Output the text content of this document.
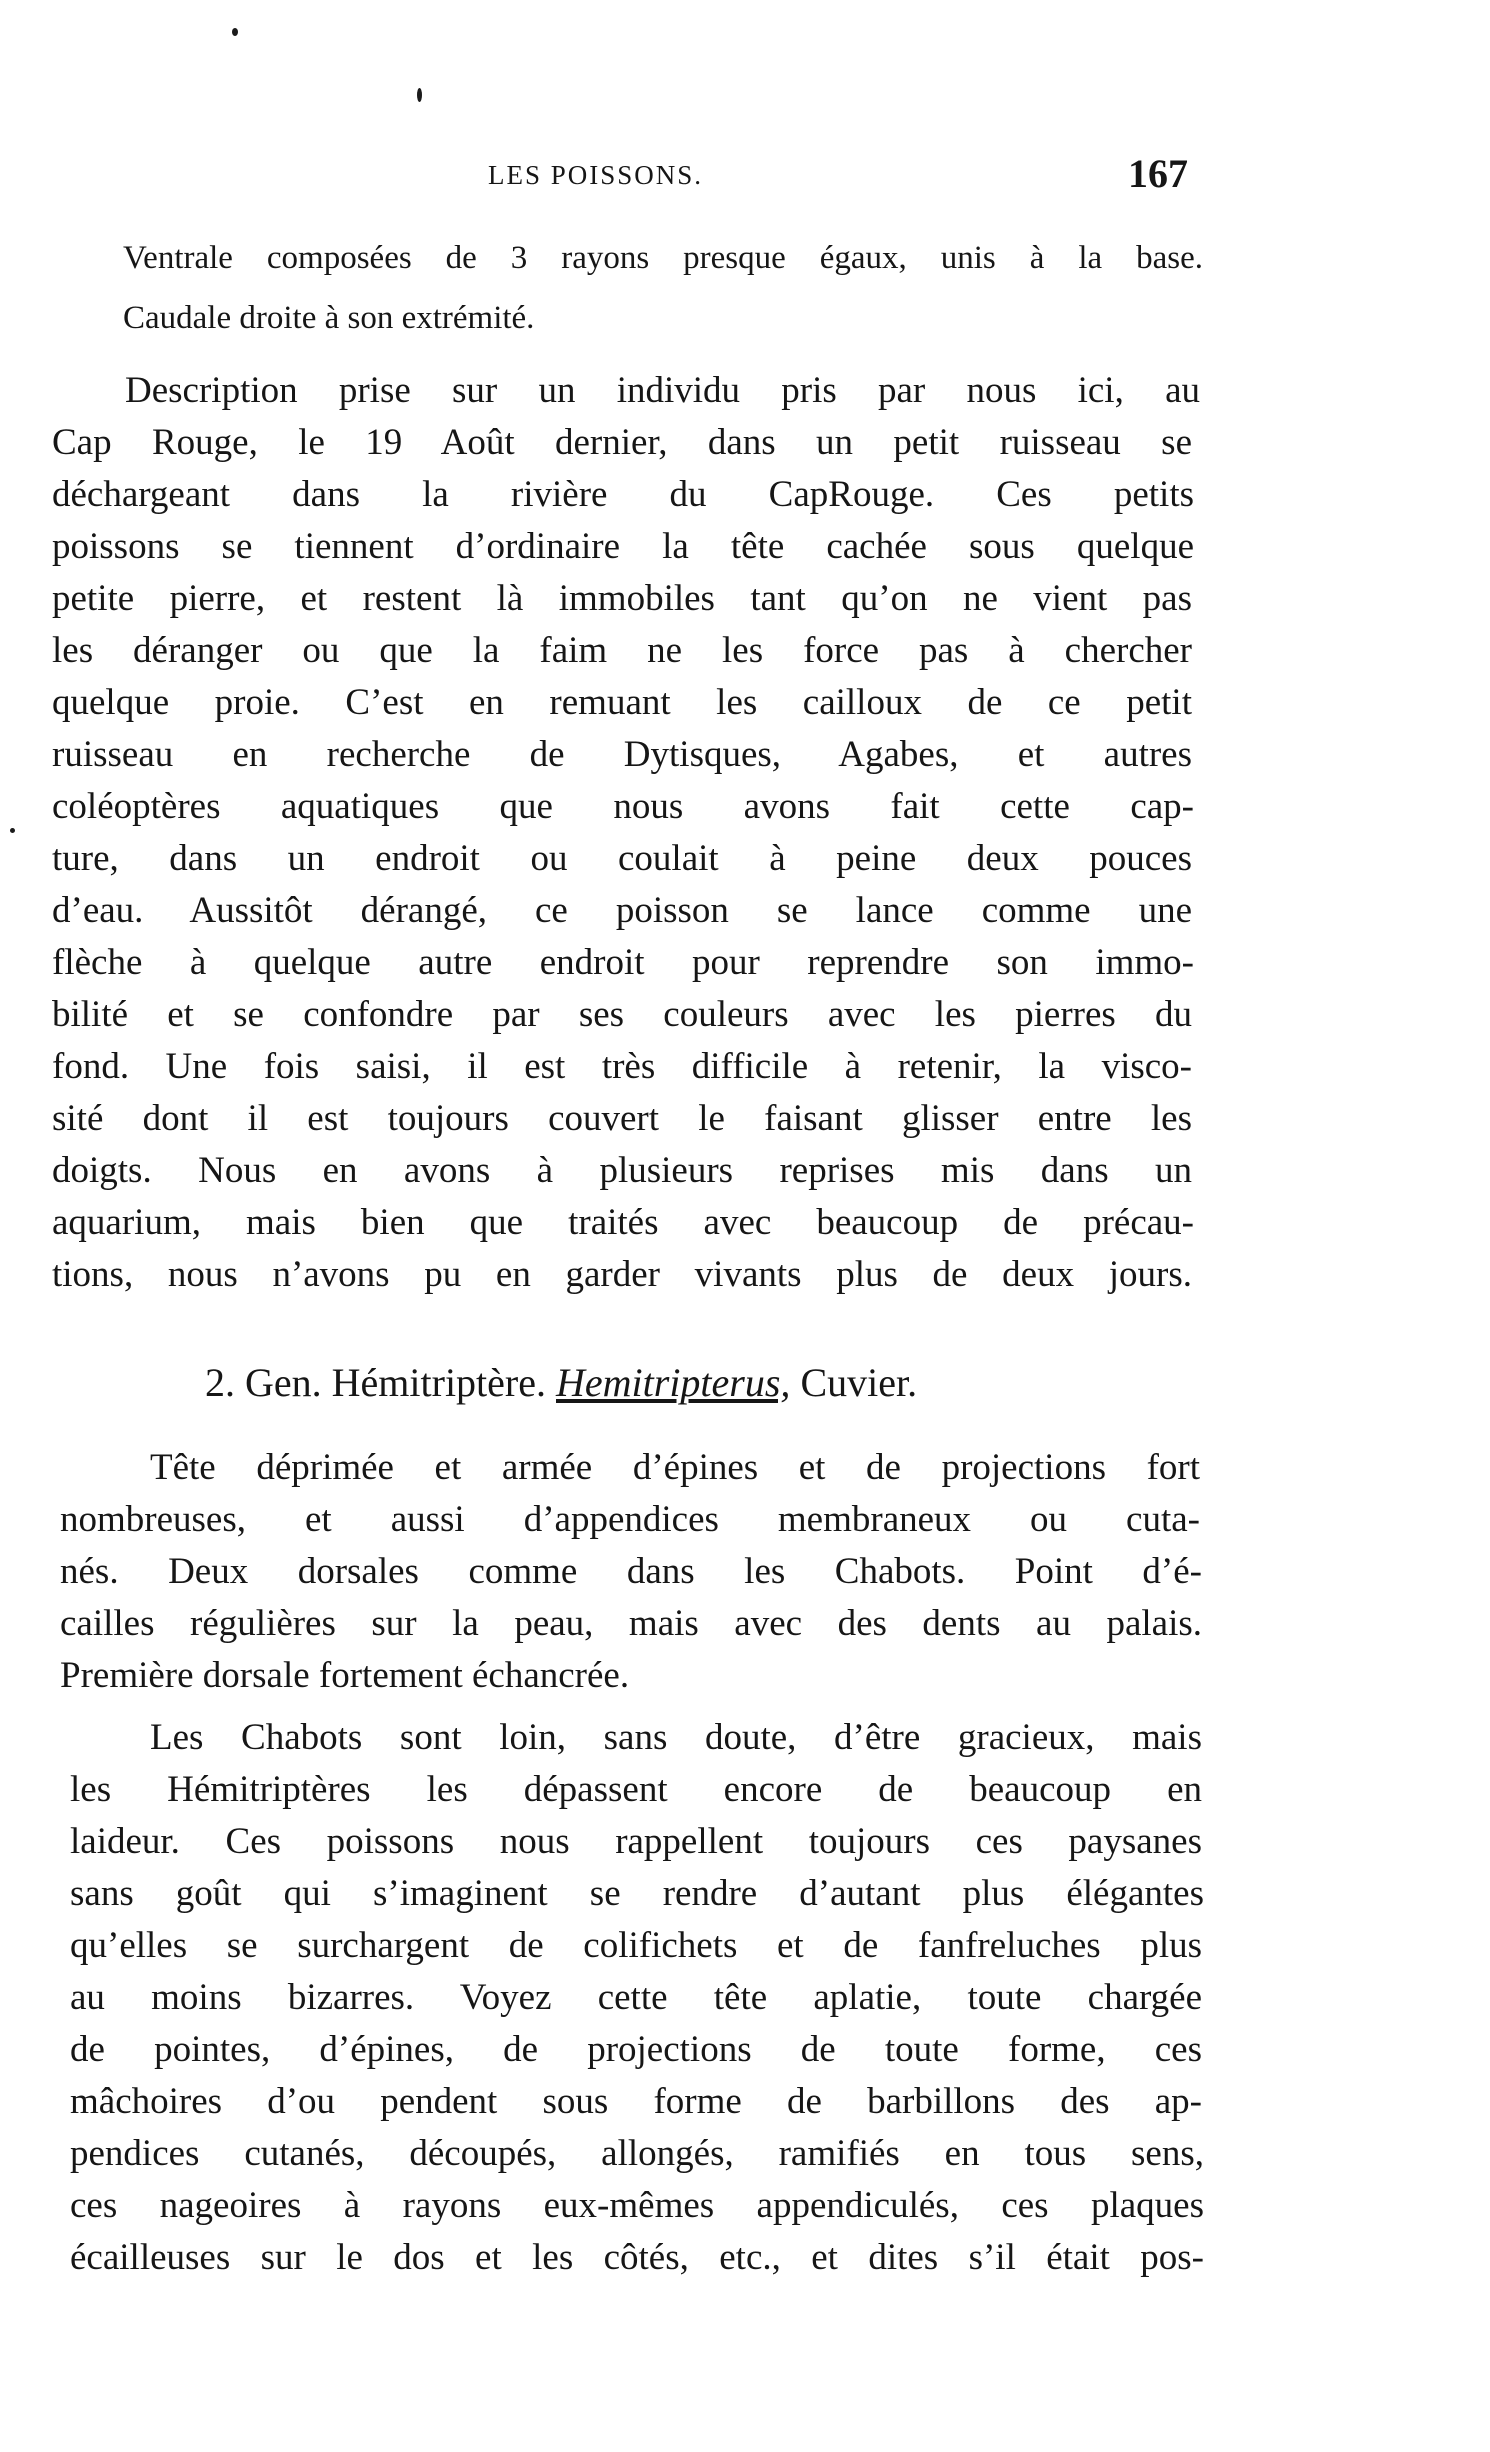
LES POISSONS.	167
Ventrale composées de 3 rayons presque égaux, unis à la base.
Caudale droite à son extrémité.
Description prise sur un individu pris par nous ici, au
Cap Rouge, le 19 Août dernier, dans un petit ruisseau se
déchargeant dans la rivière du CapRouge. Ces petits
poissons se tiennent d’ordinaire la tête cachée sous quelque
petite pierre, et restent là immobiles tant qu’on ne vient pas
les déranger ou que la faim ne les force pas à chercher
quelque proie. C’est en remuant les cailloux de ce petit
ruisseau en recherche de Dytisques, Agabes, et autres
coléoptères aquatiques que nous avons fait cette cap-
ture, dans un endroit ou coulait à peine deux pouces
d’eau. Aussitôt dérangé, ce poisson se lance comme une
flèche à quelque autre endroit pour reprendre son immo-
bilité et se confondre par ses couleurs avec les pierres du
fond. Une fois saisi, il est très difficile à retenir, la visco-
sité dont il est toujours couvert le faisant glisser entre les
doigts. Nous en avons à plusieurs reprises mis dans un
aquarium, mais bien que traités avec beaucoup de précau-
tions, nous n’avons pu en garder vivants plus de deux jours.
2. Gen. Hémitriptère. Hemitripterus, Cuvier.
Tête déprimée et armée d’épines et de projections fort
nombreuses, et aussi d’appendices membraneux ou cuta-
nés. Deux dorsales comme dans les Chabots. Point d’é-
cailles régulières sur la peau, mais avec des dents au palais.
Première dorsale fortement échancrée.
Les Chabots sont loin, sans doute, d’être gracieux, mais
les Hémitriptères les dépassent encore de beaucoup en
laideur. Ces poissons nous rappellent toujours ces paysanes
sans goût qui s’imaginent se rendre d’autant plus élégantes
qu’elles se surchargent de colifichets et de fanfreluches plus
au moins bizarres. Voyez cette tête aplatie, toute chargée
de pointes, d’épines, de projections de toute forme, ces
mâchoires d’ou pendent sous forme de barbillons des ap-
pendices cutanés, découpés, allongés, ramifiés en tous sens,
ces nageoires à rayons eux-mêmes appendiculés, ces plaques
écailleuses sur le dos et les côtés, etc., et dites s’il était pos-
